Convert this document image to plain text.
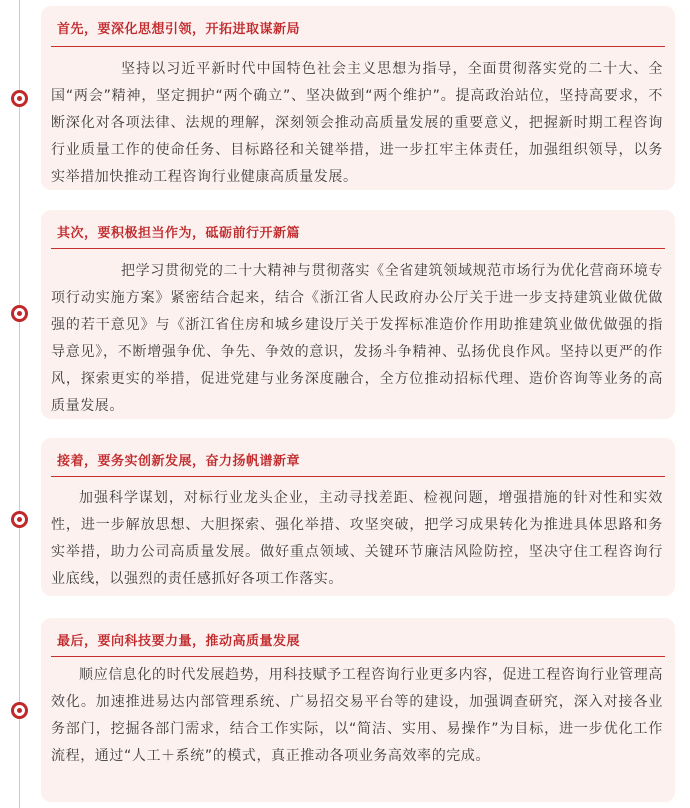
首先，要深化思想引领，开拓进取谋新局
坚持以习近平新时代中国特色社会主义思想为指导，全面贯彻落实党的二十大、全国“两会”精神，坚定拥护“两个确立”、坚决做到“两个维护”。提高政治站位，坚持高要求，不断深化对各项法律、法规的理解，深刻领会推动高质量发展的重要意义，把握新时期工程咨询行业质量工作的使命任务、目标路径和关键举措，进一步扛牢主体责任，加强组织领导，以务实举措加快推动工程咨询行业健康高质量发展。
其次，要积极担当作为，砥砺前行开新篇
把学习贯彻党的二十大精神与贯彻落实《全省建筑领域规范市场行为优化营商环境专项行动实施方案》紧密结合起来，结合《浙江省人民政府办公厅关于进一步支持建筑业做优做强的若干意见》与《浙江省住房和城乡建设厅关于发挥标准造价作用助推建筑业做优做强的指导意见》，不断增强争优、争先、争效的意识，发扬斗争精神、弘扬优良作风。坚持以更严的作风，探索更实的举措，促进党建与业务深度融合，全方位推动招标代理、造价咨询等业务的高质量发展。
接着，要务实创新发展，奋力扬帆谱新章
加强科学谋划，对标行业龙头企业，主动寻找差距、检视问题，增强措施的针对性和实效性，进一步解放思想、大胆探索、强化举措、攻坚突破，把学习成果转化为推进具体思路和务实举措，助力公司高质量发展。做好重点领域、关键环节廉洁风险防控，坚决守住工程咨询行业底线，以强烈的责任感抓好各项工作落实。
最后，要向科技要力量，推动高质量发展
顺应信息化的时代发展趋势，用科技赋予工程咨询行业更多内容，促进工程咨询行业管理高效化。加速推进易达内部管理系统、广易招交易平台等的建设，加强调查研究，深入对接各业务部门，挖掘各部门需求，结合工作实际，以“简洁、实用、易操作”为目标，进一步优化工作流程，通过“人工＋系统”的模式，真正推动各项业务高效率的完成。
